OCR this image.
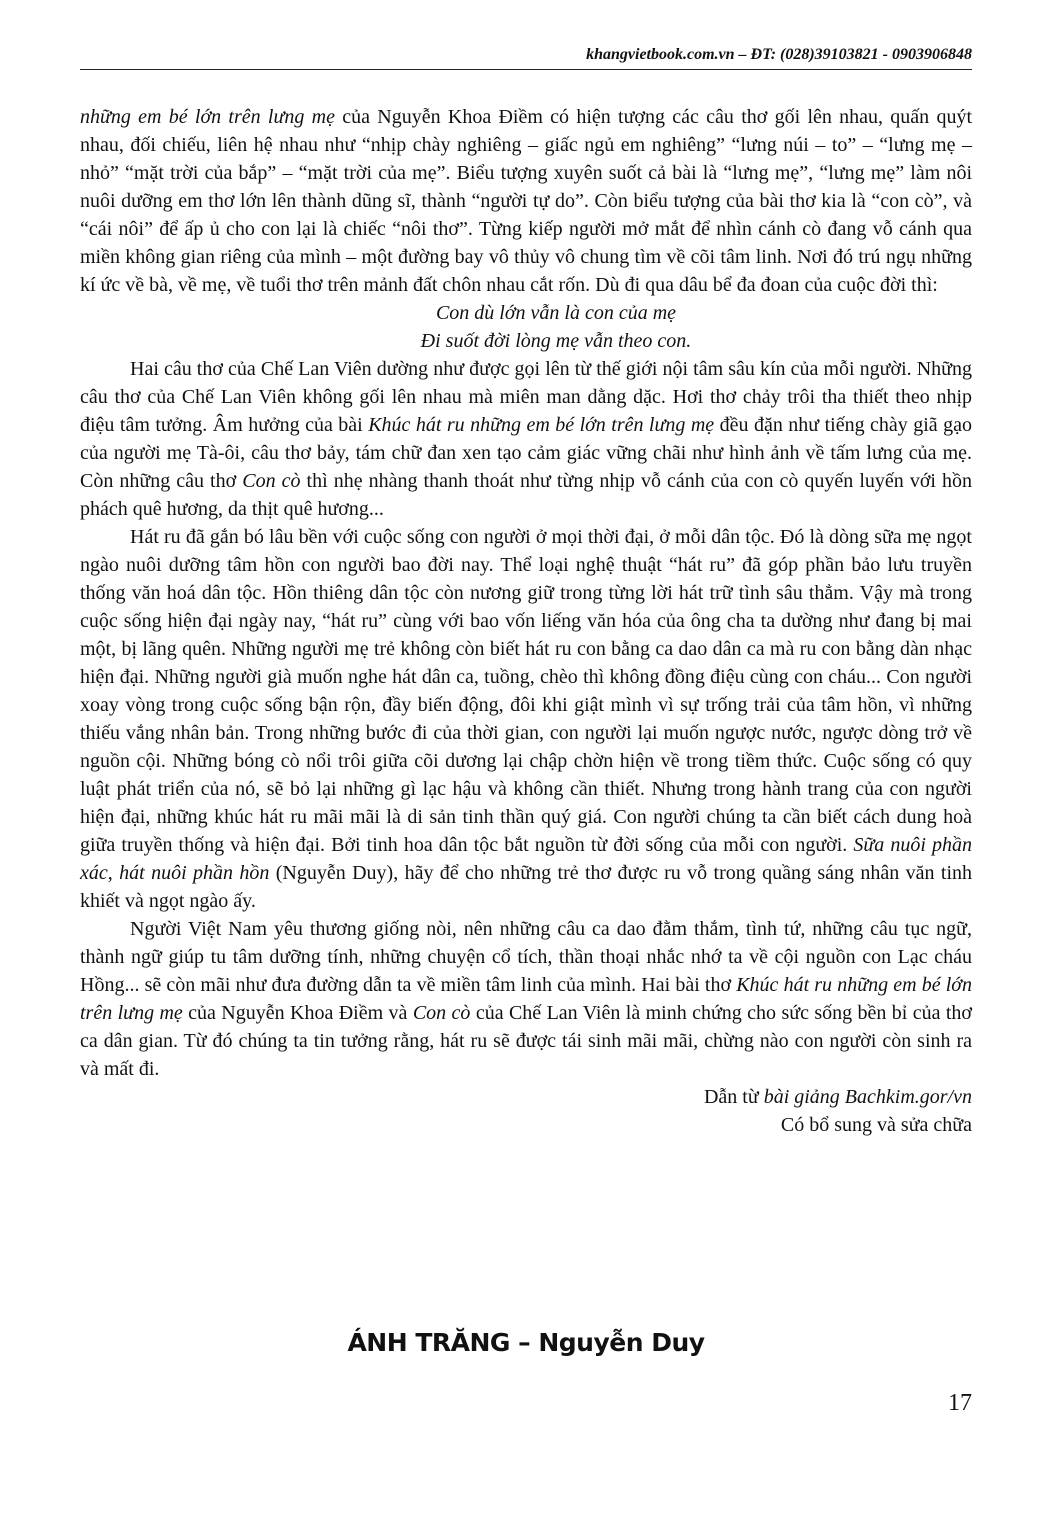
khangvietbook.com.vn – ĐT: (028)39103821 - 0903906848

những em bé lớn trên lưng mẹ của Nguyễn Khoa Điềm có hiện tượng các câu thơ gối lên nhau, quấn quýt nhau, đối chiếu, liên hệ nhau như “nhịp chày nghiêng – giấc ngủ em nghiêng” “lưng núi – to” – “lưng mẹ – nhỏ” “mặt trời của bắp” – “mặt trời của mẹ”. Biểu tượng xuyên suốt cả bài là “lưng mẹ”, “lưng mẹ” làm nôi nuôi dưỡng em thơ lớn lên thành dũng sĩ, thành “người tự do”. Còn biểu tượng của bài thơ kia là “con cò”, và “cái nôi” để ấp ủ cho con lại là chiếc “nôi thơ”. Từng kiếp người mở mắt để nhìn cánh cò đang vỗ cánh qua miền không gian riêng của mình – một đường bay vô thủy vô chung tìm về cõi tâm linh. Nơi đó trú ngụ những kí ức về bà, về mẹ, về tuổi thơ trên mảnh đất chôn nhau cắt rốn. Dù đi qua dâu bể đa đoan của cuộc đời thì:

Con dù lớn vẫn là con của mẹ

Đi suốt đời lòng mẹ vẫn theo con.

Hai câu thơ của Chế Lan Viên dường như được gọi lên từ thế giới nội tâm sâu kín của mỗi người. Những câu thơ của Chế Lan Viên không gối lên nhau mà miên man dằng dặc. Hơi thơ chảy trôi tha thiết theo nhịp điệu tâm tưởng. Âm hưởng của bài Khúc hát ru những em bé lớn trên lưng mẹ đều đặn như tiếng chày giã gạo của người mẹ Tà-ôi, câu thơ bảy, tám chữ đan xen tạo cảm giác vững chãi như hình ảnh về tấm lưng của mẹ. Còn những câu thơ Con cò thì nhẹ nhàng thanh thoát như từng nhịp vỗ cánh của con cò quyến luyến với hồn phách quê hương, da thịt quê hương...

Hát ru đã gắn bó lâu bền với cuộc sống con người ở mọi thời đại, ở mỗi dân tộc. Đó là dòng sữa mẹ ngọt ngào nuôi dưỡng tâm hồn con người bao đời nay. Thể loại nghệ thuật “hát ru” đã góp phần bảo lưu truyền thống văn hoá dân tộc. Hồn thiêng dân tộc còn nương giữ trong từng lời hát trữ tình sâu thẳm. Vậy mà trong cuộc sống hiện đại ngày nay, “hát ru” cùng với bao vốn liếng văn hóa của ông cha ta dường như đang bị mai một, bị lãng quên. Những người mẹ trẻ không còn biết hát ru con bằng ca dao dân ca mà ru con bằng dàn nhạc hiện đại. Những người già muốn nghe hát dân ca, tuồng, chèo thì không đồng điệu cùng con cháu... Con người xoay vòng trong cuộc sống bận rộn, đầy biến động, đôi khi giật mình vì sự trống trải của tâm hồn, vì những thiếu vắng nhân bản. Trong những bước đi của thời gian, con người lại muốn ngược nước, ngược dòng trở về nguồn cội. Những bóng cò nổi trôi giữa cõi dương lại chập chờn hiện về trong tiềm thức. Cuộc sống có quy luật phát triển của nó, sẽ bỏ lại những gì lạc hậu và không cần thiết. Nhưng trong hành trang của con người hiện đại, những khúc hát ru mãi mãi là di sản tinh thần quý giá. Con người chúng ta cần biết cách dung hoà giữa truyền thống và hiện đại. Bởi tinh hoa dân tộc bắt nguồn từ đời sống của mỗi con người. Sữa nuôi phần xác, hát nuôi phần hồn (Nguyễn Duy), hãy để cho những trẻ thơ được ru vỗ trong quầng sáng nhân văn tinh khiết và ngọt ngào ấy.

Người Việt Nam yêu thương giống nòi, nên những câu ca dao đằm thắm, tình tứ, những câu tục ngữ, thành ngữ giúp tu tâm dưỡng tính, những chuyện cổ tích, thần thoại nhắc nhớ ta về cội nguồn con Lạc cháu Hồng... sẽ còn mãi như đưa đường dẫn ta về miền tâm linh của mình. Hai bài thơ Khúc hát ru những em bé lớn trên lưng mẹ của Nguyễn Khoa Điềm và Con cò của Chế Lan Viên là minh chứng cho sức sống bền bỉ của thơ ca dân gian. Từ đó chúng ta tin tưởng rằng, hát ru sẽ được tái sinh mãi mãi, chừng nào con người còn sinh ra và mất đi.

Dẫn từ bài giảng Bachkim.gor/vn

Có bổ sung và sửa chữa

ÁNH TRĂNG – Nguyễn Duy
17
